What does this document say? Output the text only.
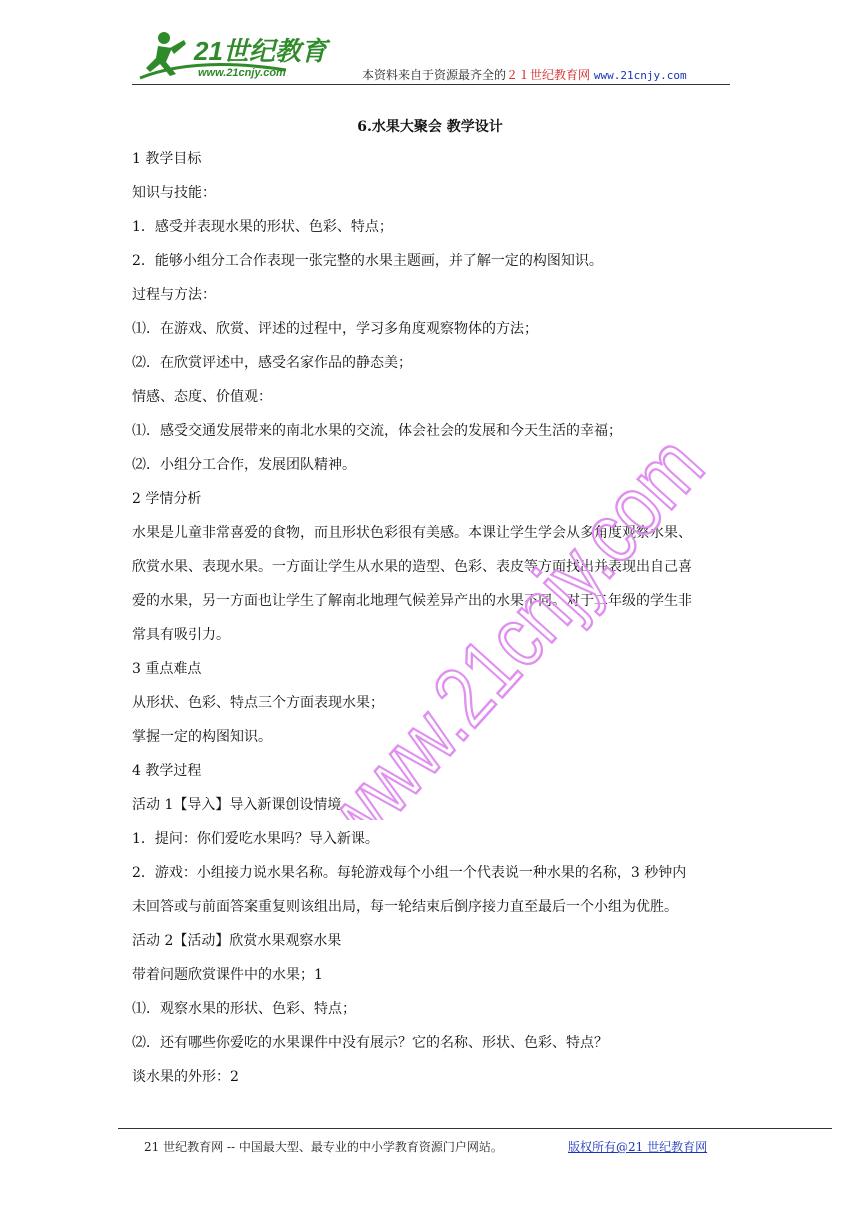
21世纪教育
www.21cnjy.com	本资料来自于资源最齐全的２１世纪教育网 www.21cnjy.com
6.水果大聚会 教学设计
1 教学目标
知识与技能：
1．感受并表现水果的形状、色彩、特点；
2．能够小组分工合作表现一张完整的水果主题画，并了解一定的构图知识。
过程与方法：
⑴．在游戏、欣赏、评述的过程中，学习多角度观察物体的方法；
⑵．在欣赏评述中，感受名家作品的静态美；
情感、态度、价值观：
⑴．感受交通发展带来的南北水果的交流，体会社会的发展和今天生活的幸福；
⑵．小组分工合作，发展团队精神。
2 学情分析
水果是儿童非常喜爱的食物，而且形状色彩很有美感。本课让学生学会从多角度观察水果、
欣赏水果、表现水果。一方面让学生从水果的造型、色彩、表皮等方面找出并表现出自己喜
爱的水果，另一方面也让学生了解南北地理气候差异产出的水果不同。对于二年级的学生非
常具有吸引力。
3 重点难点
从形状、色彩、特点三个方面表现水果；
掌握一定的构图知识。
4 教学过程
活动 1【导入】导入新课创设情境
1．提问：你们爱吃水果吗？导入新课。
2．游戏：小组接力说水果名称。每轮游戏每个小组一个代表说一种水果的名称，3 秒钟内
未回答或与前面答案重复则该组出局，每一轮结束后倒序接力直至最后一个小组为优胜。
活动 2【活动】欣赏水果观察水果
带着问题欣赏课件中的水果；1
⑴．观察水果的形状、色彩、特点；
⑵．还有哪些你爱吃的水果课件中没有展示？它的名称、形状、色彩、特点？
谈水果的外形：2
www.21cnjy.com
21 世纪教育网 -- 中国最大型、最专业的中小学教育资源门户网站。	版权所有@21 世纪教育网
